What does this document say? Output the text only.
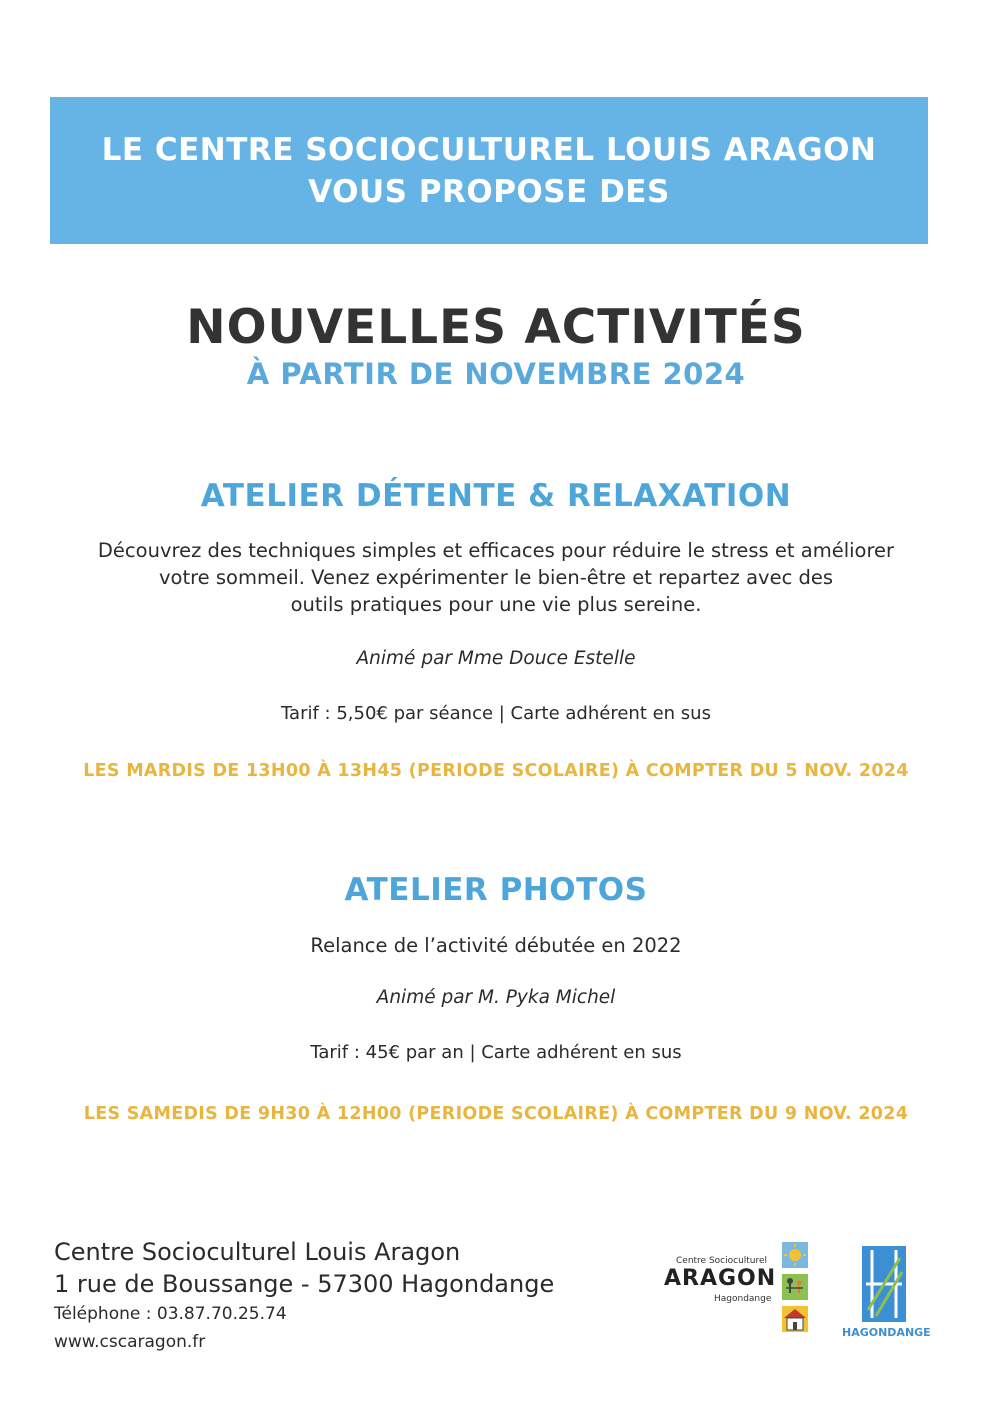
LE CENTRE SOCIOCULTUREL LOUIS ARAGON
VOUS PROPOSE DES
NOUVELLES ACTIVITÉS
À PARTIR DE NOVEMBRE 2024
ATELIER DÉTENTE & RELAXATION
Découvrez des techniques simples et efficaces pour réduire le stress et améliorer
votre sommeil. Venez expérimenter le bien-être et repartez avec des
outils pratiques pour une vie plus sereine.
Animé par Mme Douce Estelle
Tarif : 5,50€ par séance | Carte adhérent en sus
LES MARDIS DE 13H00 À 13H45 (PERIODE SCOLAIRE) À COMPTER DU 5 NOV. 2024
ATELIER PHOTOS
Relance de l’activité débutée en 2022
Animé par M. Pyka Michel
Tarif : 45€ par an | Carte adhérent en sus
LES SAMEDIS DE 9H30 À 12H00 (PERIODE SCOLAIRE) À COMPTER DU 9 NOV. 2024
Centre Socioculturel Louis Aragon
1 rue de Boussange - 57300 Hagondange
Téléphone : 03.87.70.25.74
www.cscaragon.fr
Centre Socioculturel
ARAGON
Hagondange
HAGONDANGE
